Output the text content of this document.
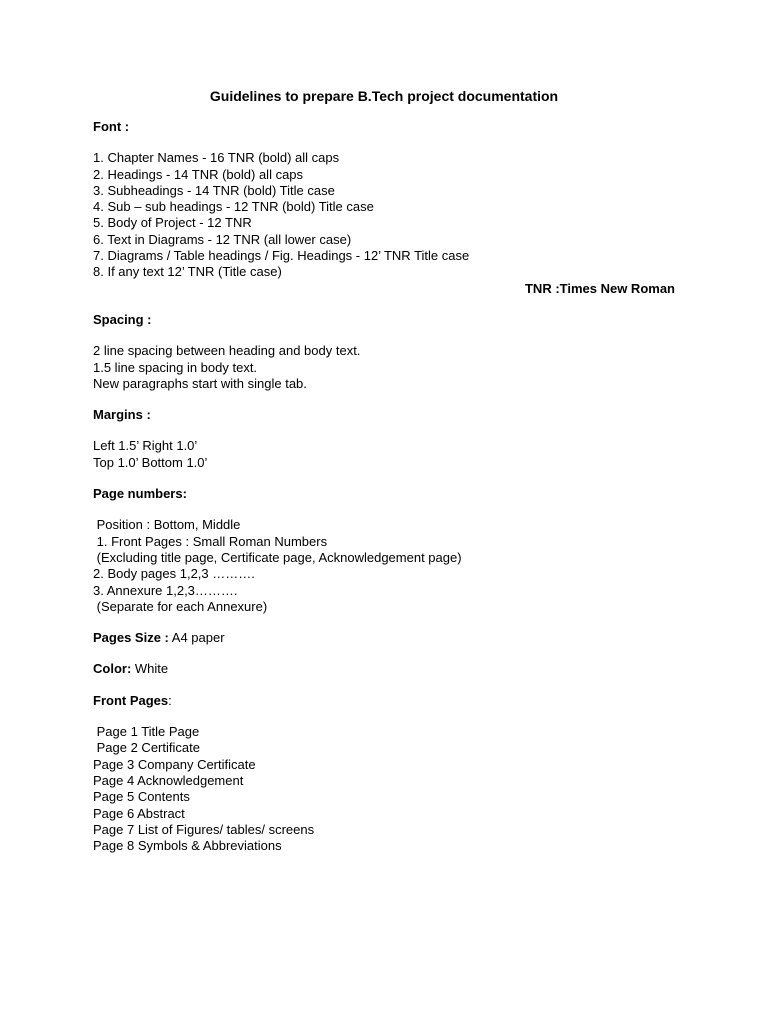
Guidelines to prepare B.Tech project documentation
Font :
1. Chapter Names - 16 TNR (bold) all caps
2. Headings - 14 TNR (bold) all caps
3. Subheadings - 14 TNR (bold) Title case
4. Sub – sub headings - 12 TNR (bold) Title case
5. Body of Project - 12 TNR
6. Text in Diagrams - 12 TNR (all lower case)
7. Diagrams / Table headings / Fig. Headings - 12’ TNR Title case
8. If any text 12’ TNR (Title case)
TNR :Times New Roman
Spacing :
2 line spacing between heading and body text.
1.5 line spacing in body text.
New paragraphs start with single tab.
Margins :
Left 1.5’ Right 1.0’
Top 1.0’ Bottom 1.0’
Page numbers:
Position : Bottom, Middle
1. Front Pages : Small Roman Numbers
(Excluding title page, Certificate page, Acknowledgement page)
2. Body pages 1,2,3 ……….
3. Annexure 1,2,3……….
(Separate for each Annexure)
Pages Size : A4 paper
Color: White
Front Pages:
Page 1 Title Page
Page 2 Certificate
Page 3 Company Certificate
Page 4 Acknowledgement
Page 5 Contents
Page 6 Abstract
Page 7 List of Figures/ tables/ screens
Page 8 Symbols & Abbreviations
